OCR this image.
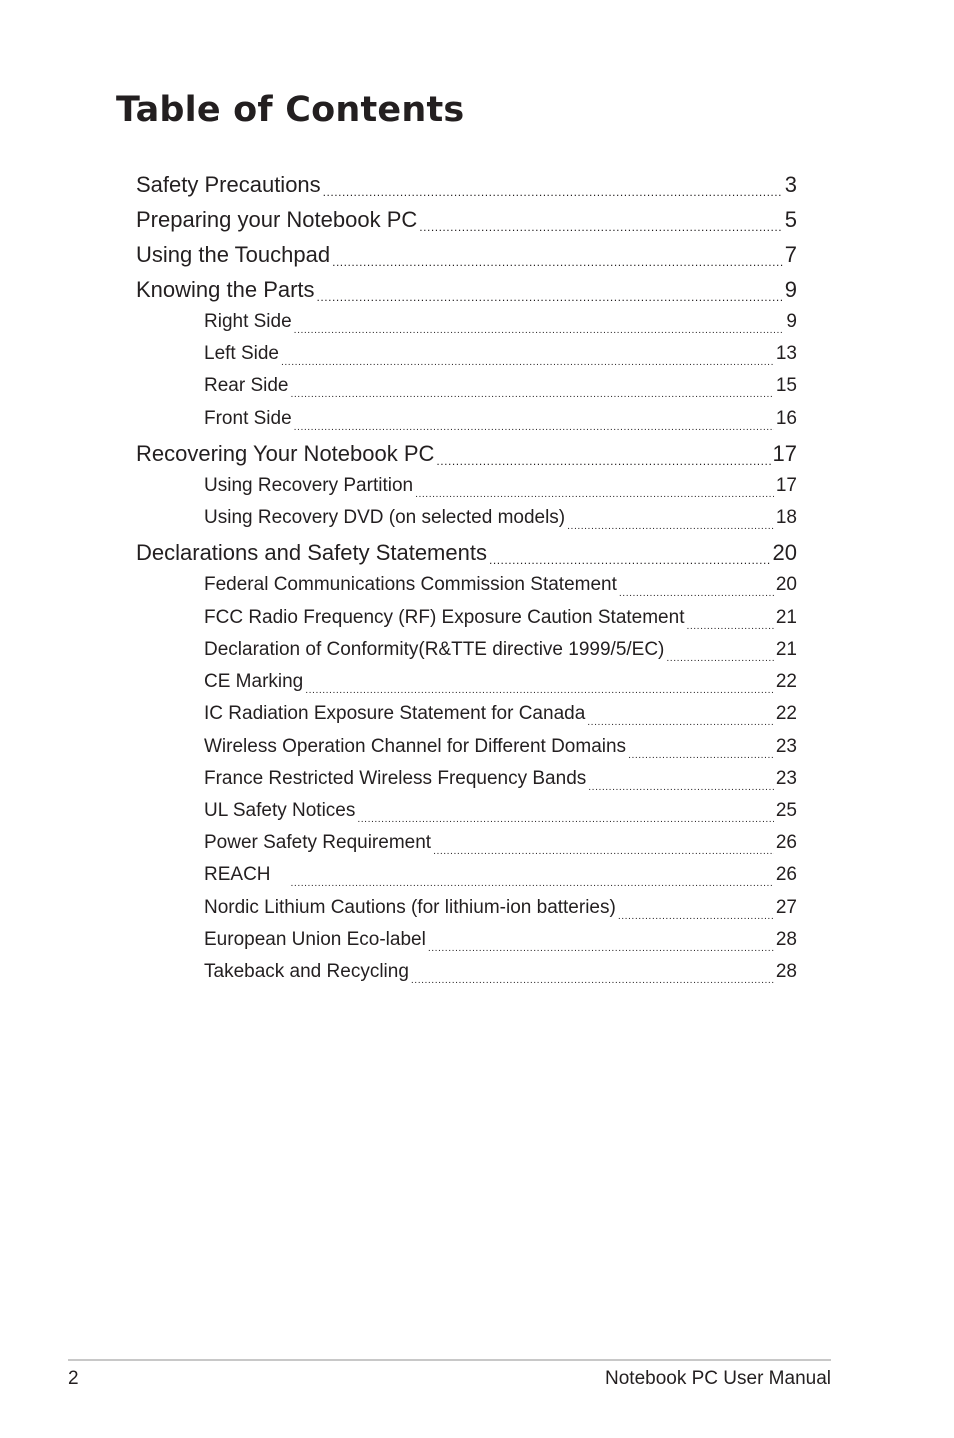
Table of Contents
Safety Precautions .....	3
Preparing your Notebook PC .....	5
Using the Touchpad .....	7
Knowing the Parts .....	9
Right Side .....	9
Left Side .....	13
Rear Side .....	15
Front Side .....	16
Recovering Your Notebook PC .....	17
Using Recovery Partition .....	17
Using Recovery DVD (on selected models) .....	18
Declarations and Safety Statements .....	20
Federal Communications Commission Statement .....	20
FCC Radio Frequency (RF) Exposure Caution Statement .....	21
Declaration of Conformity(R&TTE directive 1999/5/EC) .....	21
CE Marking .....	22
IC Radiation Exposure Statement for Canada .....	22
Wireless Operation Channel for Different Domains .....	23
France Restricted Wireless Frequency Bands .....	23
UL Safety Notices .....	25
Power Safety Requirement .....	26
REACH .....	26
Nordic Lithium Cautions (for lithium-ion batteries) .....	27
European Union Eco-label .....	28
Takeback and Recycling .....	28
2	Notebook PC User Manual
